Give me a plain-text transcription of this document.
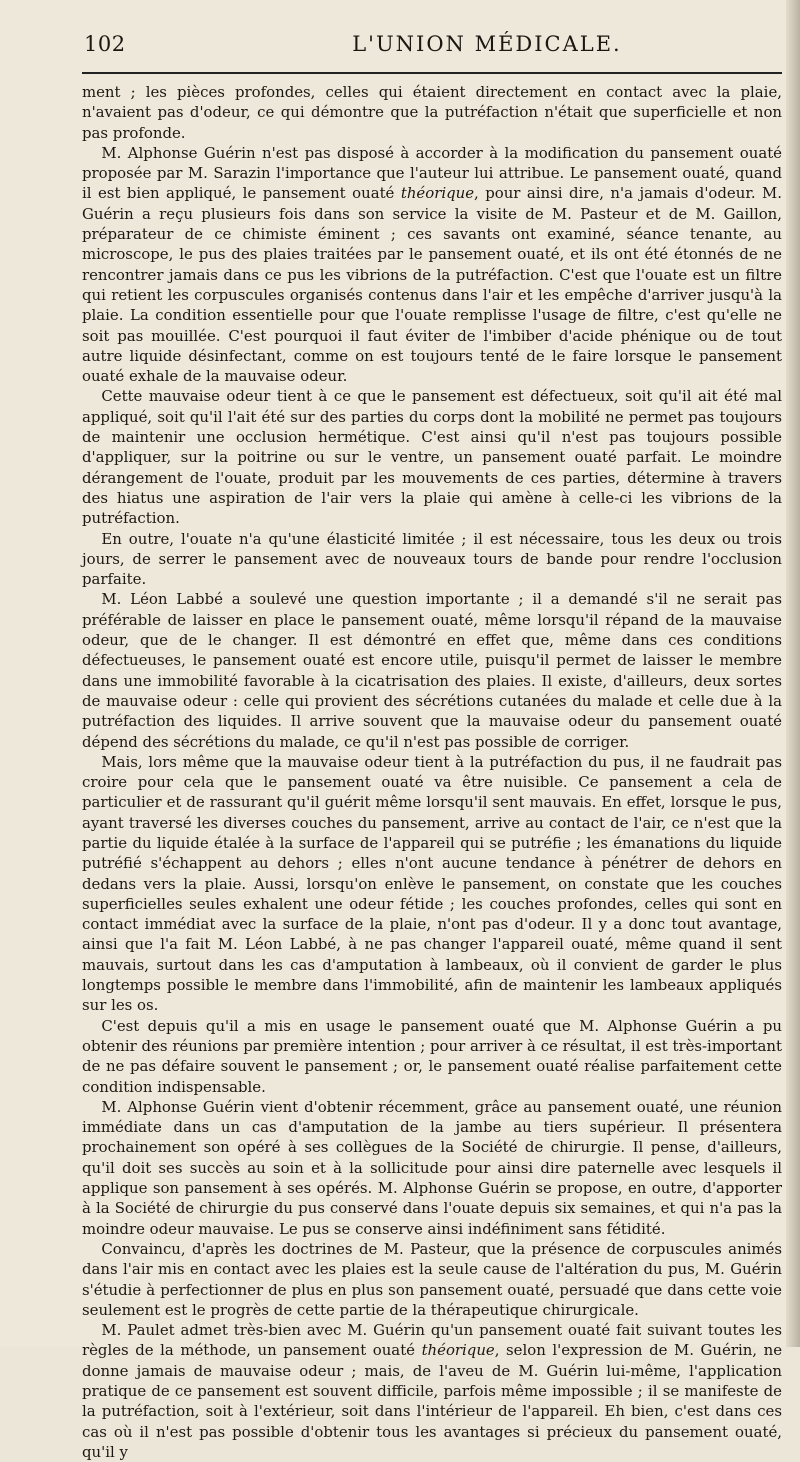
102	L'UNION MÉDICALE.

ment ; les pièces profondes, celles qui étaient directement en contact avec la plaie, n'avaient pas d'odeur, ce qui démontre que la putréfaction n'était que superficielle et non pas profonde.

M. Alphonse Guérin n'est pas disposé à accorder à la modification du pansement ouaté proposée par M. Sarazin l'importance que l'auteur lui attribue. Le pansement ouaté, quand il est bien appliqué, le pansement ouaté théorique, pour ainsi dire, n'a jamais d'odeur. M. Guérin a reçu plusieurs fois dans son service la visite de M. Pasteur et de M. Gaillon, préparateur de ce chimiste éminent ; ces savants ont examiné, séance tenante, au microscope, le pus des plaies traitées par le pansement ouaté, et ils ont été étonnés de ne rencontrer jamais dans ce pus les vibrions de la putréfaction. C'est que l'ouate est un filtre qui retient les corpuscules organisés contenus dans l'air et les empêche d'arriver jusqu'à la plaie. La condition essentielle pour que l'ouate remplisse l'usage de filtre, c'est qu'elle ne soit pas mouillée. C'est pourquoi il faut éviter de l'imbiber d'acide phénique ou de tout autre liquide désinfectant, comme on est toujours tenté de le faire lorsque le pansement ouaté exhale de la mauvaise odeur.

Cette mauvaise odeur tient à ce que le pansement est défectueux, soit qu'il ait été mal appliqué, soit qu'il l'ait été sur des parties du corps dont la mobilité ne permet pas toujours de maintenir une occlusion hermétique. C'est ainsi qu'il n'est pas toujours possible d'appliquer, sur la poitrine ou sur le ventre, un pansement ouaté parfait. Le moindre dérangement de l'ouate, produit par les mouvements de ces parties, détermine à travers des hiatus une aspiration de l'air vers la plaie qui amène à celle-ci les vibrions de la putréfaction.

En outre, l'ouate n'a qu'une élasticité limitée ; il est nécessaire, tous les deux ou trois jours, de serrer le pansement avec de nouveaux tours de bande pour rendre l'occlusion parfaite.

M. Léon Labbé a soulevé une question importante ; il a demandé s'il ne serait pas préférable de laisser en place le pansement ouaté, même lorsqu'il répand de la mauvaise odeur, que de le changer. Il est démontré en effet que, même dans ces conditions défectueuses, le pansement ouaté est encore utile, puisqu'il permet de laisser le membre dans une immobilité favorable à la cicatrisation des plaies. Il existe, d'ailleurs, deux sortes de mauvaise odeur : celle qui provient des sécrétions cutanées du malade et celle due à la putréfaction des liquides. Il arrive souvent que la mauvaise odeur du pansement ouaté dépend des sécrétions du malade, ce qu'il n'est pas possible de corriger.

Mais, lors même que la mauvaise odeur tient à la putréfaction du pus, il ne faudrait pas croire pour cela que le pansement ouaté va être nuisible. Ce pansement a cela de particulier et de rassurant qu'il guérit même lorsqu'il sent mauvais. En effet, lorsque le pus, ayant traversé les diverses couches du pansement, arrive au contact de l'air, ce n'est que la partie du liquide étalée à la surface de l'appareil qui se putréfie ; les émanations du liquide putréfié s'échappent au dehors ; elles n'ont aucune tendance à pénétrer de dehors en dedans vers la plaie. Aussi, lorsqu'on enlève le pansement, on constate que les couches superficielles seules exhalent une odeur fétide ; les couches profondes, celles qui sont en contact immédiat avec la surface de la plaie, n'ont pas d'odeur. Il y a donc tout avantage, ainsi que l'a fait M. Léon Labbé, à ne pas changer l'appareil ouaté, même quand il sent mauvais, surtout dans les cas d'amputation à lambeaux, où il convient de garder le plus longtemps possible le membre dans l'immobilité, afin de maintenir les lambeaux appliqués sur les os.

C'est depuis qu'il a mis en usage le pansement ouaté que M. Alphonse Guérin a pu obtenir des réunions par première intention ; pour arriver à ce résultat, il est très-important de ne pas défaire souvent le pansement ; or, le pansement ouaté réalise parfaitement cette condition indispensable.

M. Alphonse Guérin vient d'obtenir récemment, grâce au pansement ouaté, une réunion immédiate dans un cas d'amputation de la jambe au tiers supérieur. Il présentera prochainement son opéré à ses collègues de la Société de chirurgie. Il pense, d'ailleurs, qu'il doit ses succès au soin et à la sollicitude pour ainsi dire paternelle avec lesquels il applique son pansement à ses opérés. M. Alphonse Guérin se propose, en outre, d'apporter à la Société de chirurgie du pus conservé dans l'ouate depuis six semaines, et qui n'a pas la moindre odeur mauvaise. Le pus se conserve ainsi indéfiniment sans fétidité.

Convaincu, d'après les doctrines de M. Pasteur, que la présence de corpuscules animés dans l'air mis en contact avec les plaies est la seule cause de l'altération du pus, M. Guérin s'étudie à perfectionner de plus en plus son pansement ouaté, persuadé que dans cette voie seulement est le progrès de cette partie de la thérapeutique chirurgicale.

M. Paulet admet très-bien avec M. Guérin qu'un pansement ouaté fait suivant toutes les règles de la méthode, un pansement ouaté théorique, selon l'expression de M. Guérin, ne donne jamais de mauvaise odeur ; mais, de l'aveu de M. Guérin lui-même, l'application pratique de ce pansement est souvent difficile, parfois même impossible ; il se manifeste de la putréfaction, soit à l'extérieur, soit dans l'intérieur de l'appareil. Eh bien, c'est dans ces cas où il n'est pas possible d'obtenir tous les avantages si précieux du pansement ouaté, qu'il y
